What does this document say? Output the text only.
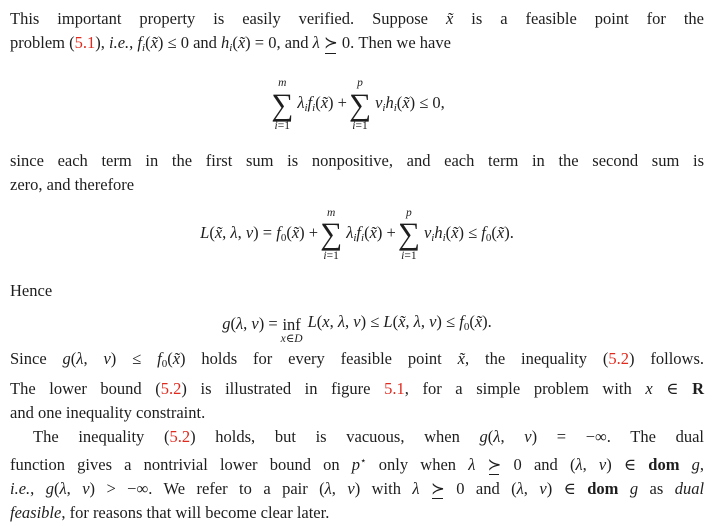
This important property is easily verified. Suppose x̃ is a feasible point for the
problem (5.1), i.e., fi(x̃) ≤ 0 and hi(x̃) = 0, and λ ≻ 0. Then we have
m
∑
i=1
λifi(x̃) +
p
∑
i=1
νihi(x̃) ≤ 0,
since each term in the first sum is nonpositive, and each term in the second sum is
zero, and therefore
L(x̃, λ, ν) = f0(x̃) +
m
∑
i=1
λifi(x̃) +
p
∑
i=1
νihi(x̃) ≤ f0(x̃).
Hence
g(λ, ν) = inf
x∈D
L(x, λ, ν) ≤ L(x̃, λ, ν) ≤ f0(x̃).
Since g(λ, ν) ≤ f0(x̃) holds for every feasible point x̃, the inequality (5.2) follows.
The lower bound (5.2) is illustrated in figure 5.1, for a simple problem with x ∈ R
and one inequality constraint.
The inequality (5.2) holds, but is vacuous, when g(λ, ν) = −∞. The dual
function gives a nontrivial lower bound on p⋆ only when λ ≻ 0 and (λ, ν) ∈ dom g,
i.e., g(λ, ν) > −∞. We refer to a pair (λ, ν) with λ ≻ 0 and (λ, ν) ∈ dom g as dual
feasible, for reasons that will become clear later.
